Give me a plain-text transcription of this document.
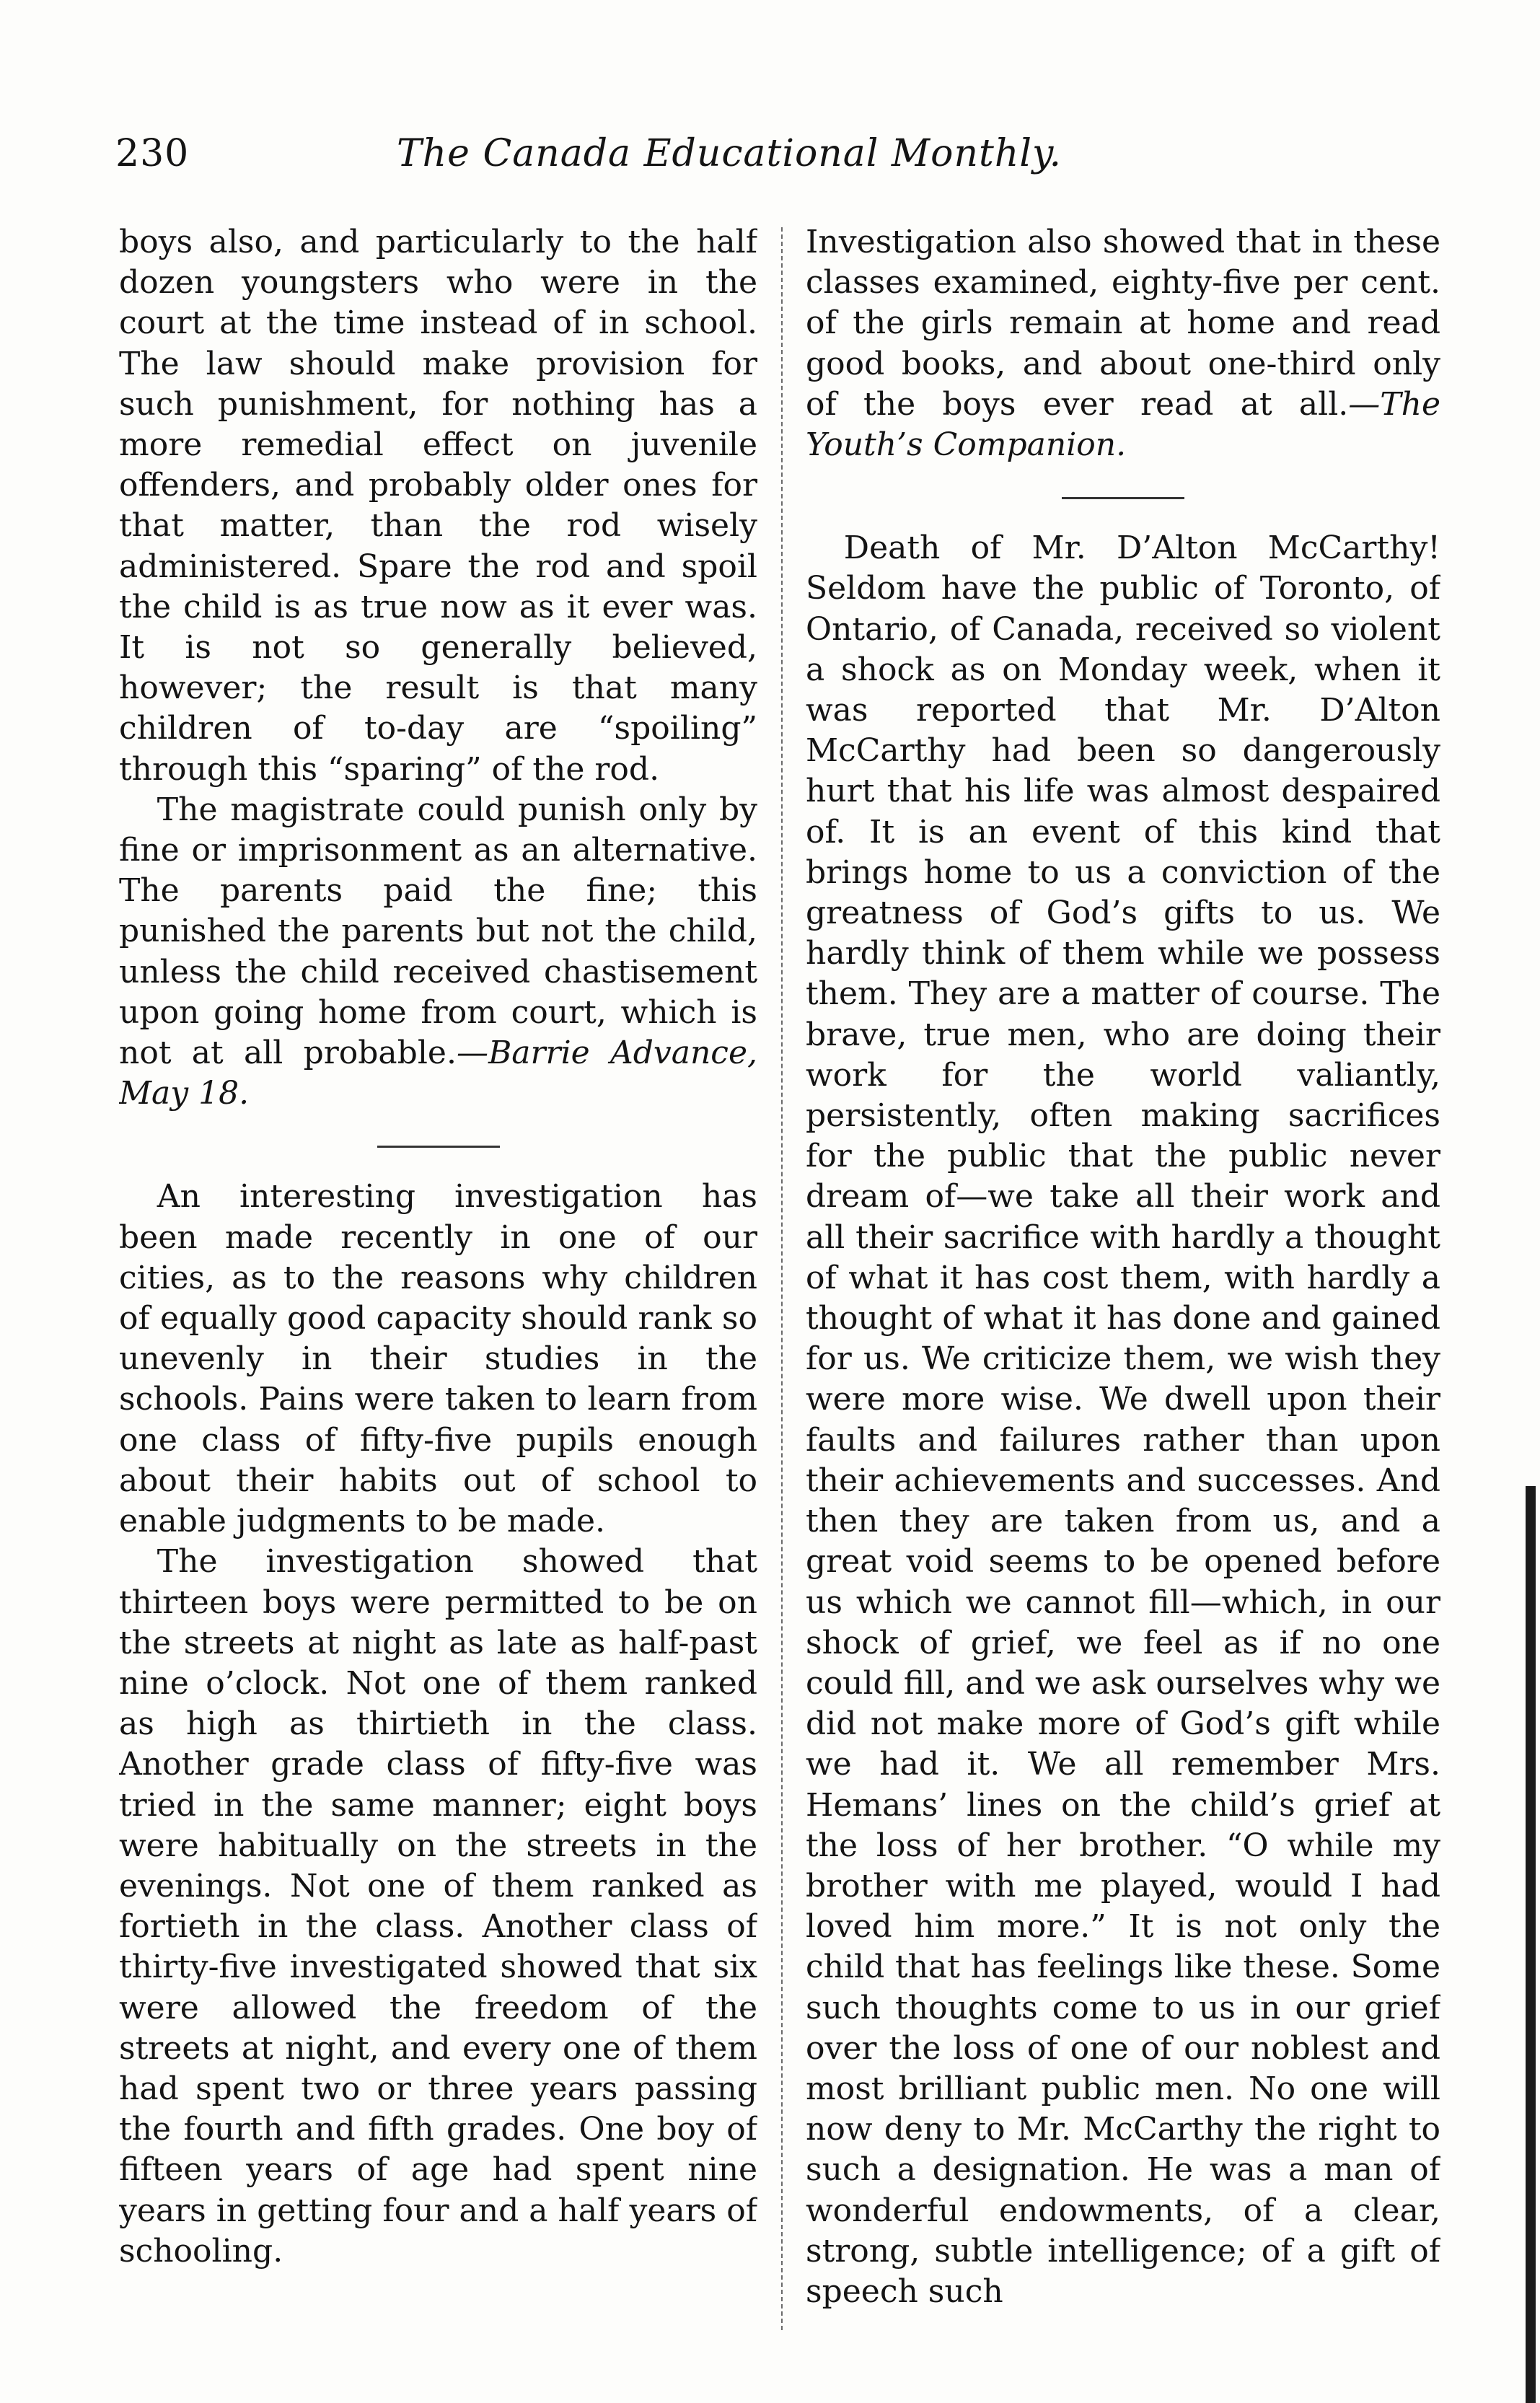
230	The Canada Educational Monthly.

boys also, and particularly to the half dozen youngsters who were in the court at the time instead of in school. The law should make provision for such punishment, for nothing has a more remedial effect on juvenile offenders, and probably older ones for that matter, than the rod wisely administered. Spare the rod and spoil the child is as true now as it ever was. It is not so generally believed, however; the result is that many children of to-day are “spoiling” through this “sparing” of the rod.

The magistrate could punish only by fine or imprisonment as an alternative. The parents paid the fine; this punished the parents but not the child, unless the child received chastisement upon going home from court, which is not at all probable.—Barrie Advance, May 18.

An interesting investigation has been made recently in one of our cities, as to the reasons why children of equally good capacity should rank so unevenly in their studies in the schools. Pains were taken to learn from one class of fifty-five pupils enough about their habits out of school to enable judgments to be made.

The investigation showed that thirteen boys were permitted to be on the streets at night as late as half-past nine o’clock. Not one of them ranked as high as thirtieth in the class. Another grade class of fifty-five was tried in the same manner; eight boys were habitually on the streets in the evenings. Not one of them ranked as fortieth in the class. Another class of thirty-five investigated showed that six were allowed the freedom of the streets at night, and every one of them had spent two or three years passing the fourth and fifth grades. One boy of fifteen years of age had spent nine years in getting four and a half years of schooling.

Investigation also showed that in these classes examined, eighty-five per cent. of the girls remain at home and read good books, and about one-third only of the boys ever read at all.—The Youth’s Companion.

Death of Mr. D’Alton McCarthy! Seldom have the public of Toronto, of Ontario, of Canada, received so violent a shock as on Monday week, when it was reported that Mr. D’Alton McCarthy had been so dangerously hurt that his life was almost despaired of. It is an event of this kind that brings home to us a conviction of the greatness of God’s gifts to us. We hardly think of them while we possess them. They are a matter of course. The brave, true men, who are doing their work for the world valiantly, persistently, often making sacrifices for the public that the public never dream of—we take all their work and all their sacrifice with hardly a thought of what it has cost them, with hardly a thought of what it has done and gained for us. We criticize them, we wish they were more wise. We dwell upon their faults and failures rather than upon their achievements and successes. And then they are taken from us, and a great void seems to be opened before us which we cannot fill—which, in our shock of grief, we feel as if no one could fill, and we ask ourselves why we did not make more of God’s gift while we had it. We all remember Mrs. Hemans’ lines on the child’s grief at the loss of her brother. “O while my brother with me played, would I had loved him more.” It is not only the child that has feelings like these. Some such thoughts come to us in our grief over the loss of one of our noblest and most brilliant public men. No one will now deny to Mr. McCarthy the right to such a designation. He was a man of wonderful endowments, of a clear, strong, subtle intelligence; of a gift of speech such
